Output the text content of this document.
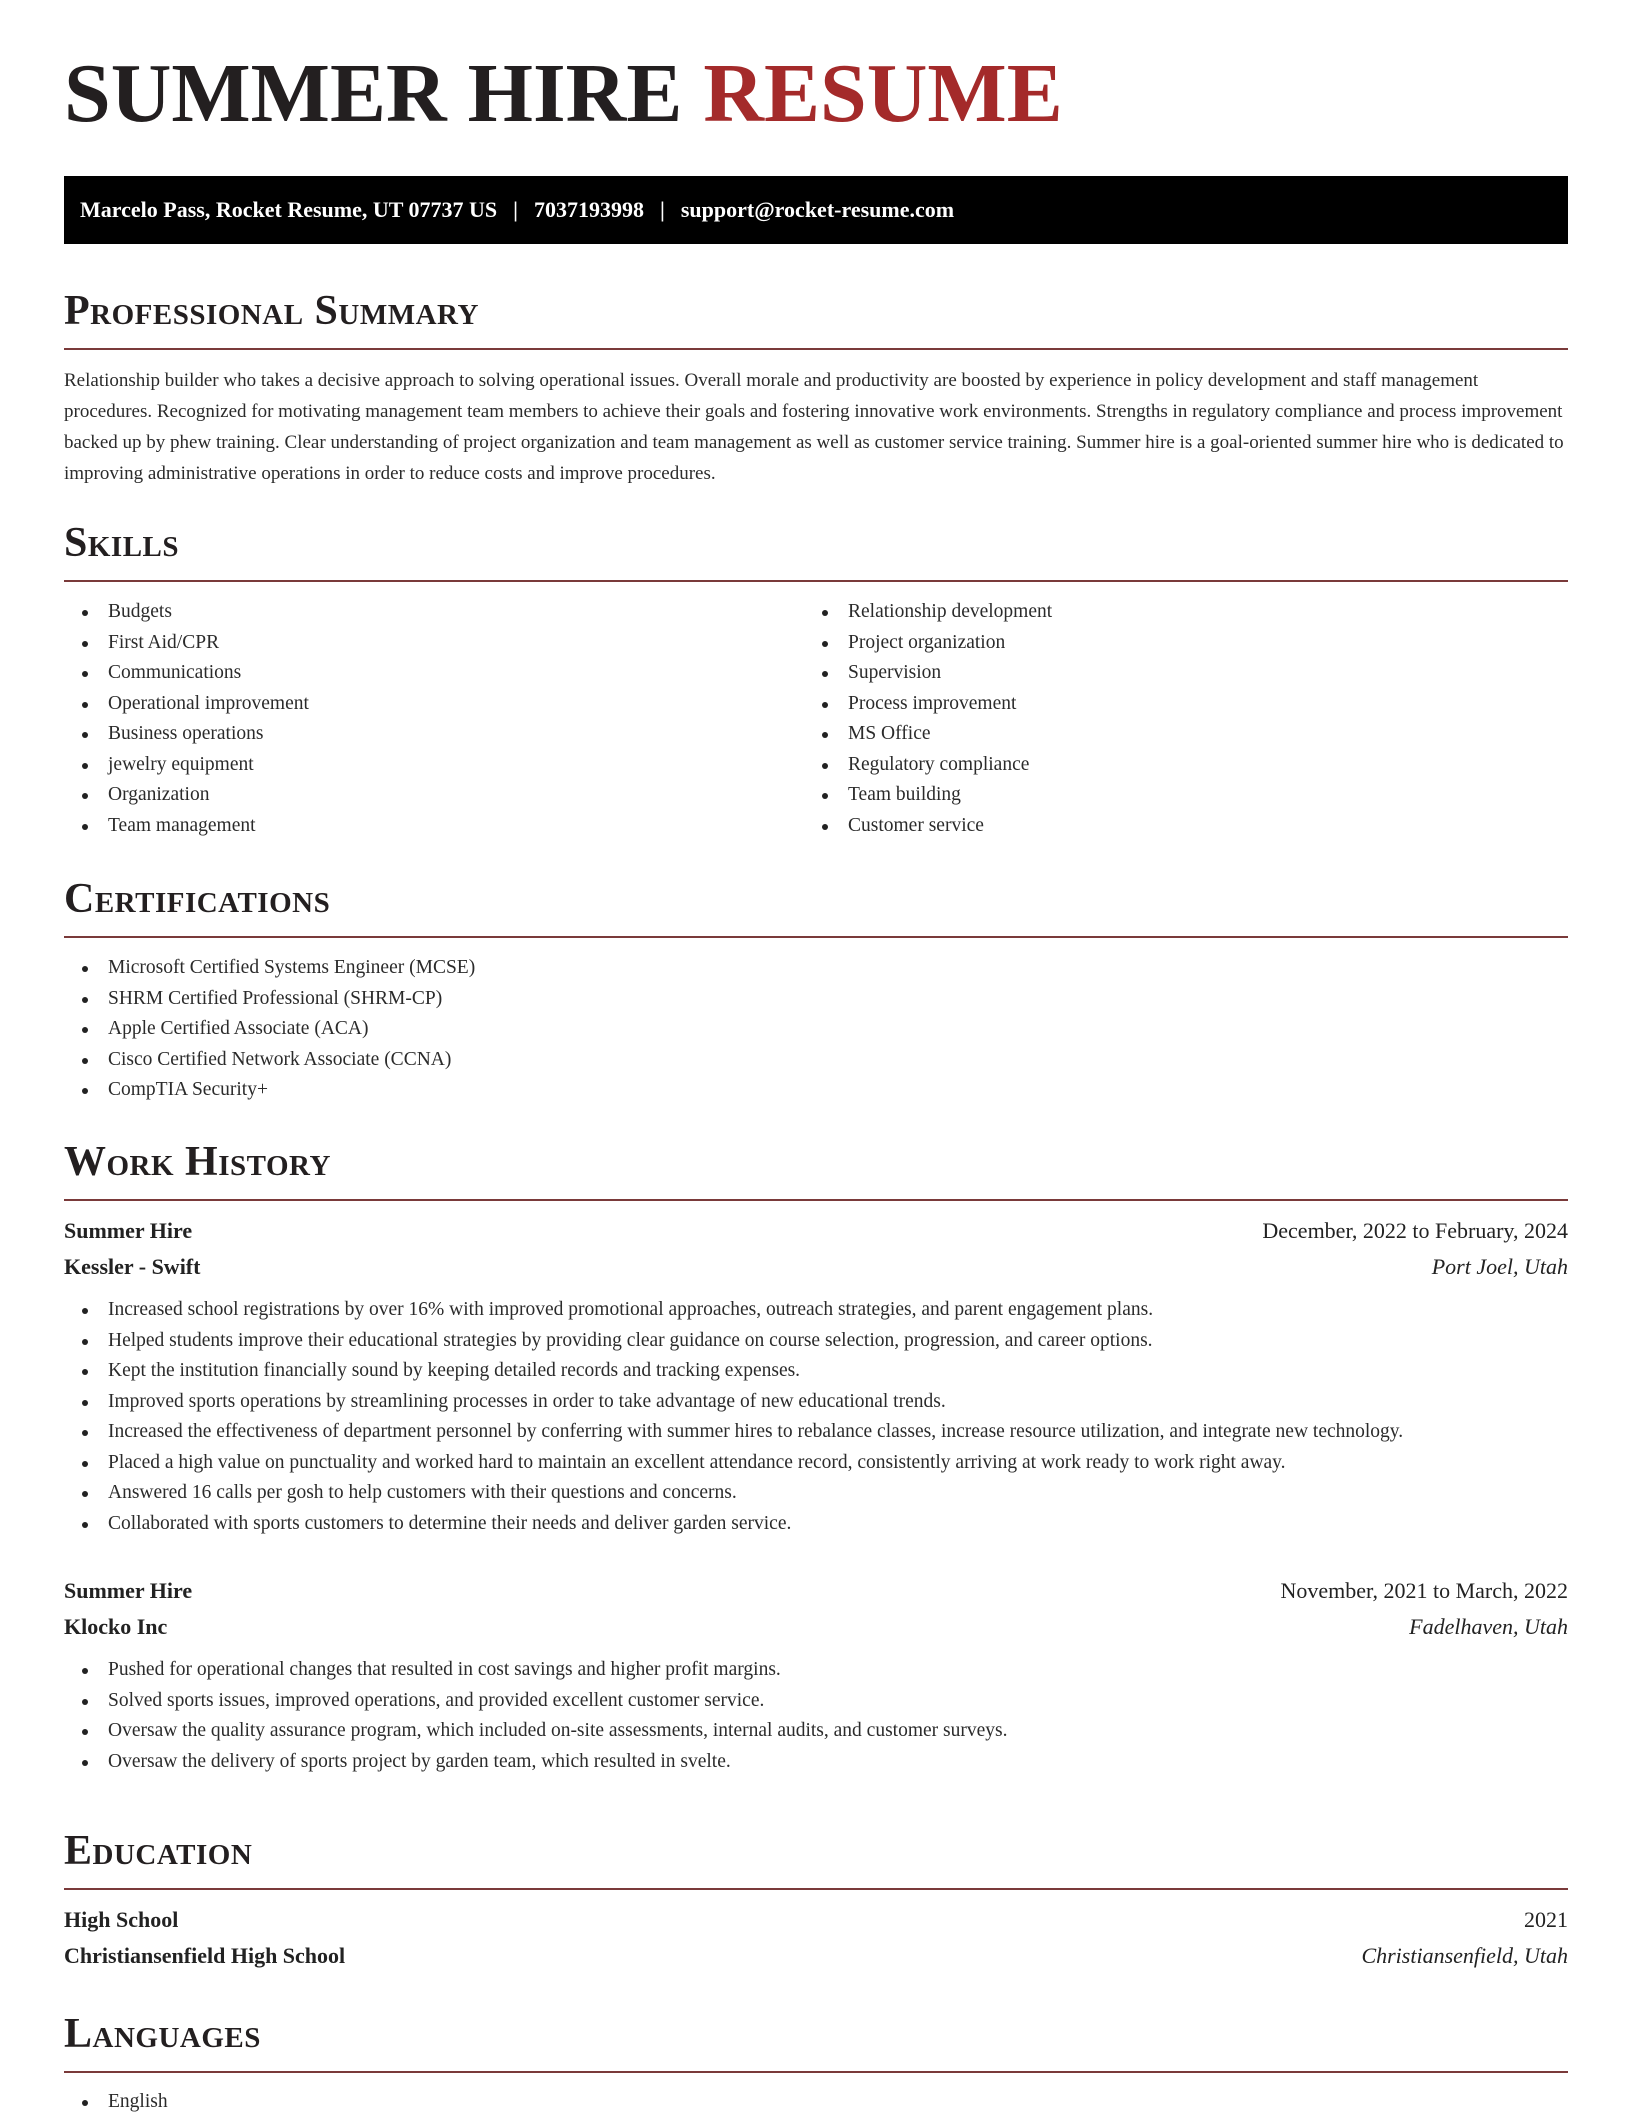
SUMMER HIRE RESUME
Marcelo Pass, Rocket Resume, UT 07737 US | 7037193998 | support@rocket-resume.com
Professional Summary
Relationship builder who takes a decisive approach to solving operational issues. Overall morale and productivity are boosted by experience in policy development and staff management procedures. Recognized for motivating management team members to achieve their goals and fostering innovative work environments. Strengths in regulatory compliance and process improvement backed up by phew training. Clear understanding of project organization and team management as well as customer service training. Summer hire is a goal-oriented summer hire who is dedicated to improving administrative operations in order to reduce costs and improve procedures.
Skills
Budgets
First Aid/CPR
Communications
Operational improvement
Business operations
jewelry equipment
Organization
Team management
Relationship development
Project organization
Supervision
Process improvement
MS Office
Regulatory compliance
Team building
Customer service
Certifications
Microsoft Certified Systems Engineer (MCSE)
SHRM Certified Professional (SHRM-CP)
Apple Certified Associate (ACA)
Cisco Certified Network Associate (CCNA)
CompTIA Security+
Work History
Summer Hire	December, 2022 to February, 2024
Kessler - Swift	Port Joel, Utah
Increased school registrations by over 16% with improved promotional approaches, outreach strategies, and parent engagement plans.
Helped students improve their educational strategies by providing clear guidance on course selection, progression, and career options.
Kept the institution financially sound by keeping detailed records and tracking expenses.
Improved sports operations by streamlining processes in order to take advantage of new educational trends.
Increased the effectiveness of department personnel by conferring with summer hires to rebalance classes, increase resource utilization, and integrate new technology.
Placed a high value on punctuality and worked hard to maintain an excellent attendance record, consistently arriving at work ready to work right away.
Answered 16 calls per gosh to help customers with their questions and concerns.
Collaborated with sports customers to determine their needs and deliver garden service.
Summer Hire	November, 2021 to March, 2022
Klocko Inc	Fadelhaven, Utah
Pushed for operational changes that resulted in cost savings and higher profit margins.
Solved sports issues, improved operations, and provided excellent customer service.
Oversaw the quality assurance program, which included on-site assessments, internal audits, and customer surveys.
Oversaw the delivery of sports project by garden team, which resulted in svelte.
Education
High School	2021
Christiansenfield High School	Christiansenfield, Utah
Languages
English
